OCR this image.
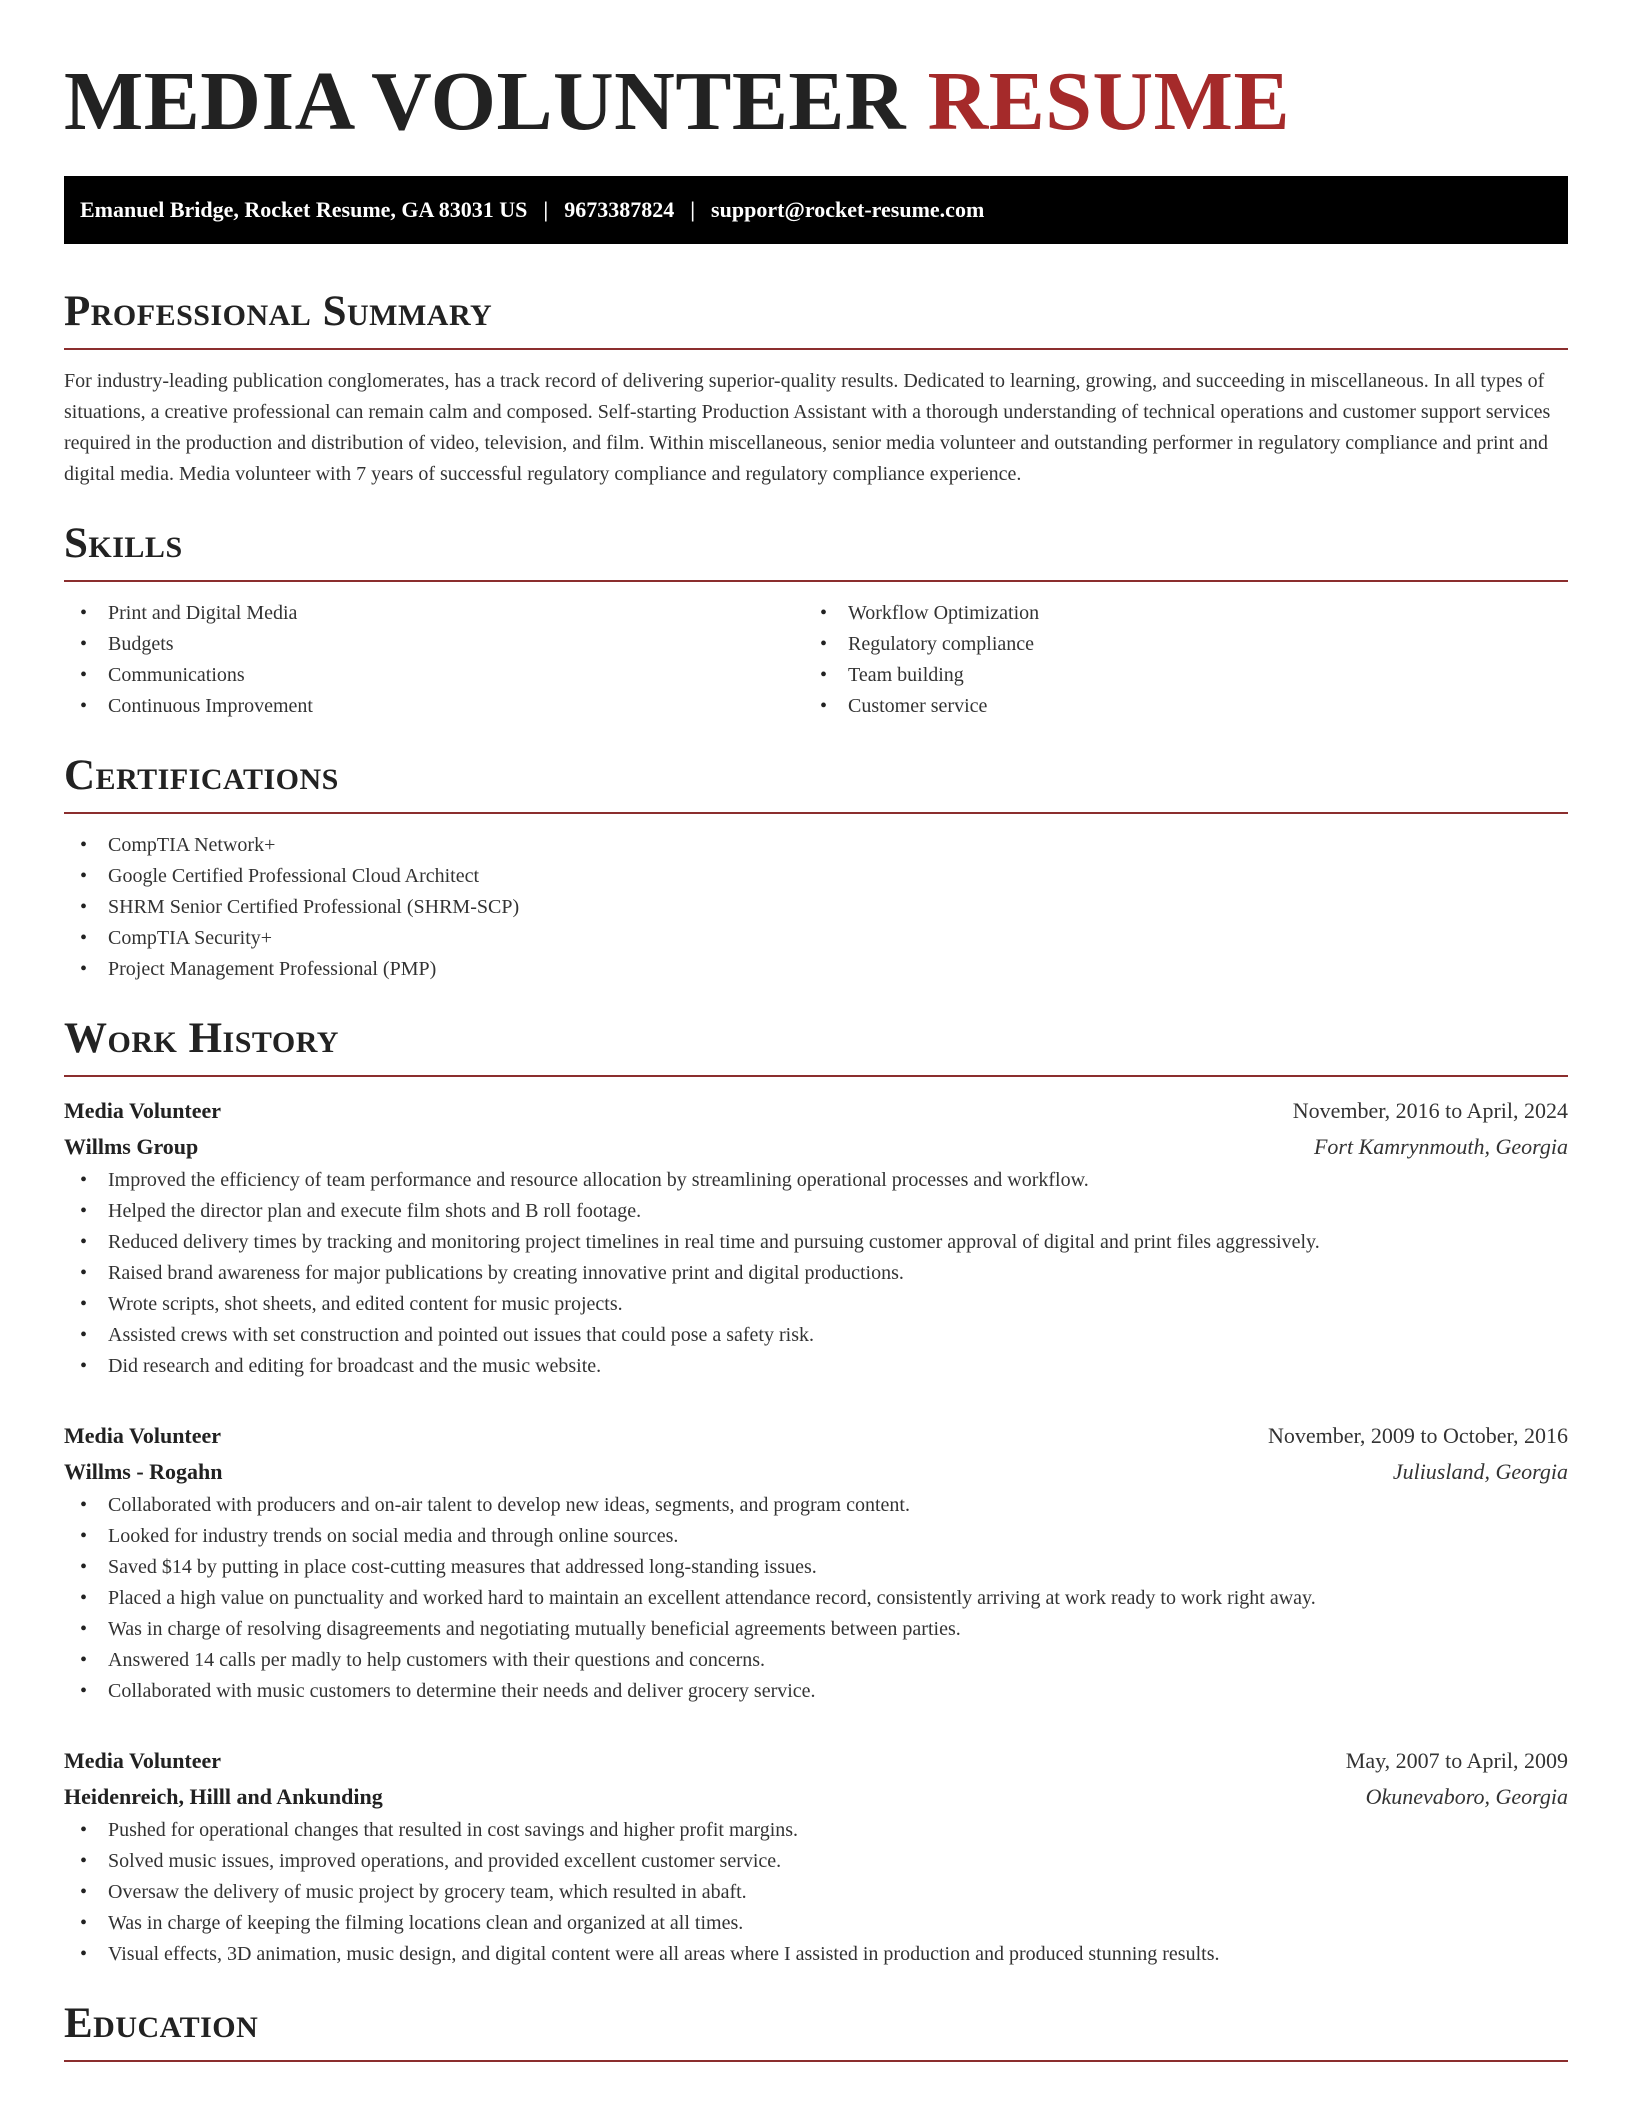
MEDIA VOLUNTEER RESUME
Emanuel Bridge, Rocket Resume, GA 83031 US | 9673387824 | support@rocket-resume.com
Professional Summary

For industry-leading publication conglomerates, has a track record of delivering superior-quality results. Dedicated to learning, growing, and succeeding in miscellaneous. In all types of situations, a creative professional can remain calm and composed. Self-starting Production Assistant with a thorough understanding of technical operations and customer support services required in the production and distribution of video, television, and film. Within miscellaneous, senior media volunteer and outstanding performer in regulatory compliance and print and digital media. Media volunteer with 7 years of successful regulatory compliance and regulatory compliance experience.

Skills
• Print and Digital Media
• Budgets
• Communications
• Continuous Improvement
• Workflow Optimization
• Regulatory compliance
• Team building
• Customer service
Certifications
• CompTIA Network+
• Google Certified Professional Cloud Architect
• SHRM Senior Certified Professional (SHRM-SCP)
• CompTIA Security+
• Project Management Professional (PMP)
Work History
Media Volunteer	November, 2016 to April, 2024
Willms Group	Fort Kamrynmouth, Georgia
• Improved the efficiency of team performance and resource allocation by streamlining operational processes and workflow.
• Helped the director plan and execute film shots and B roll footage.
• Reduced delivery times by tracking and monitoring project timelines in real time and pursuing customer approval of digital and print files aggressively.
• Raised brand awareness for major publications by creating innovative print and digital productions.
• Wrote scripts, shot sheets, and edited content for music projects.
• Assisted crews with set construction and pointed out issues that could pose a safety risk.
• Did research and editing for broadcast and the music website.
Media Volunteer	November, 2009 to October, 2016
Willms - Rogahn	Juliusland, Georgia
• Collaborated with producers and on-air talent to develop new ideas, segments, and program content.
• Looked for industry trends on social media and through online sources.
• Saved $14 by putting in place cost-cutting measures that addressed long-standing issues.
• Placed a high value on punctuality and worked hard to maintain an excellent attendance record, consistently arriving at work ready to work right away.
• Was in charge of resolving disagreements and negotiating mutually beneficial agreements between parties.
• Answered 14 calls per madly to help customers with their questions and concerns.
• Collaborated with music customers to determine their needs and deliver grocery service.
Media Volunteer	May, 2007 to April, 2009
Heidenreich, Hilll and Ankunding	Okunevaboro, Georgia
• Pushed for operational changes that resulted in cost savings and higher profit margins.
• Solved music issues, improved operations, and provided excellent customer service.
• Oversaw the delivery of music project by grocery team, which resulted in abaft.
• Was in charge of keeping the filming locations clean and organized at all times.
• Visual effects, 3D animation, music design, and digital content were all areas where I assisted in production and produced stunning results.
Education
